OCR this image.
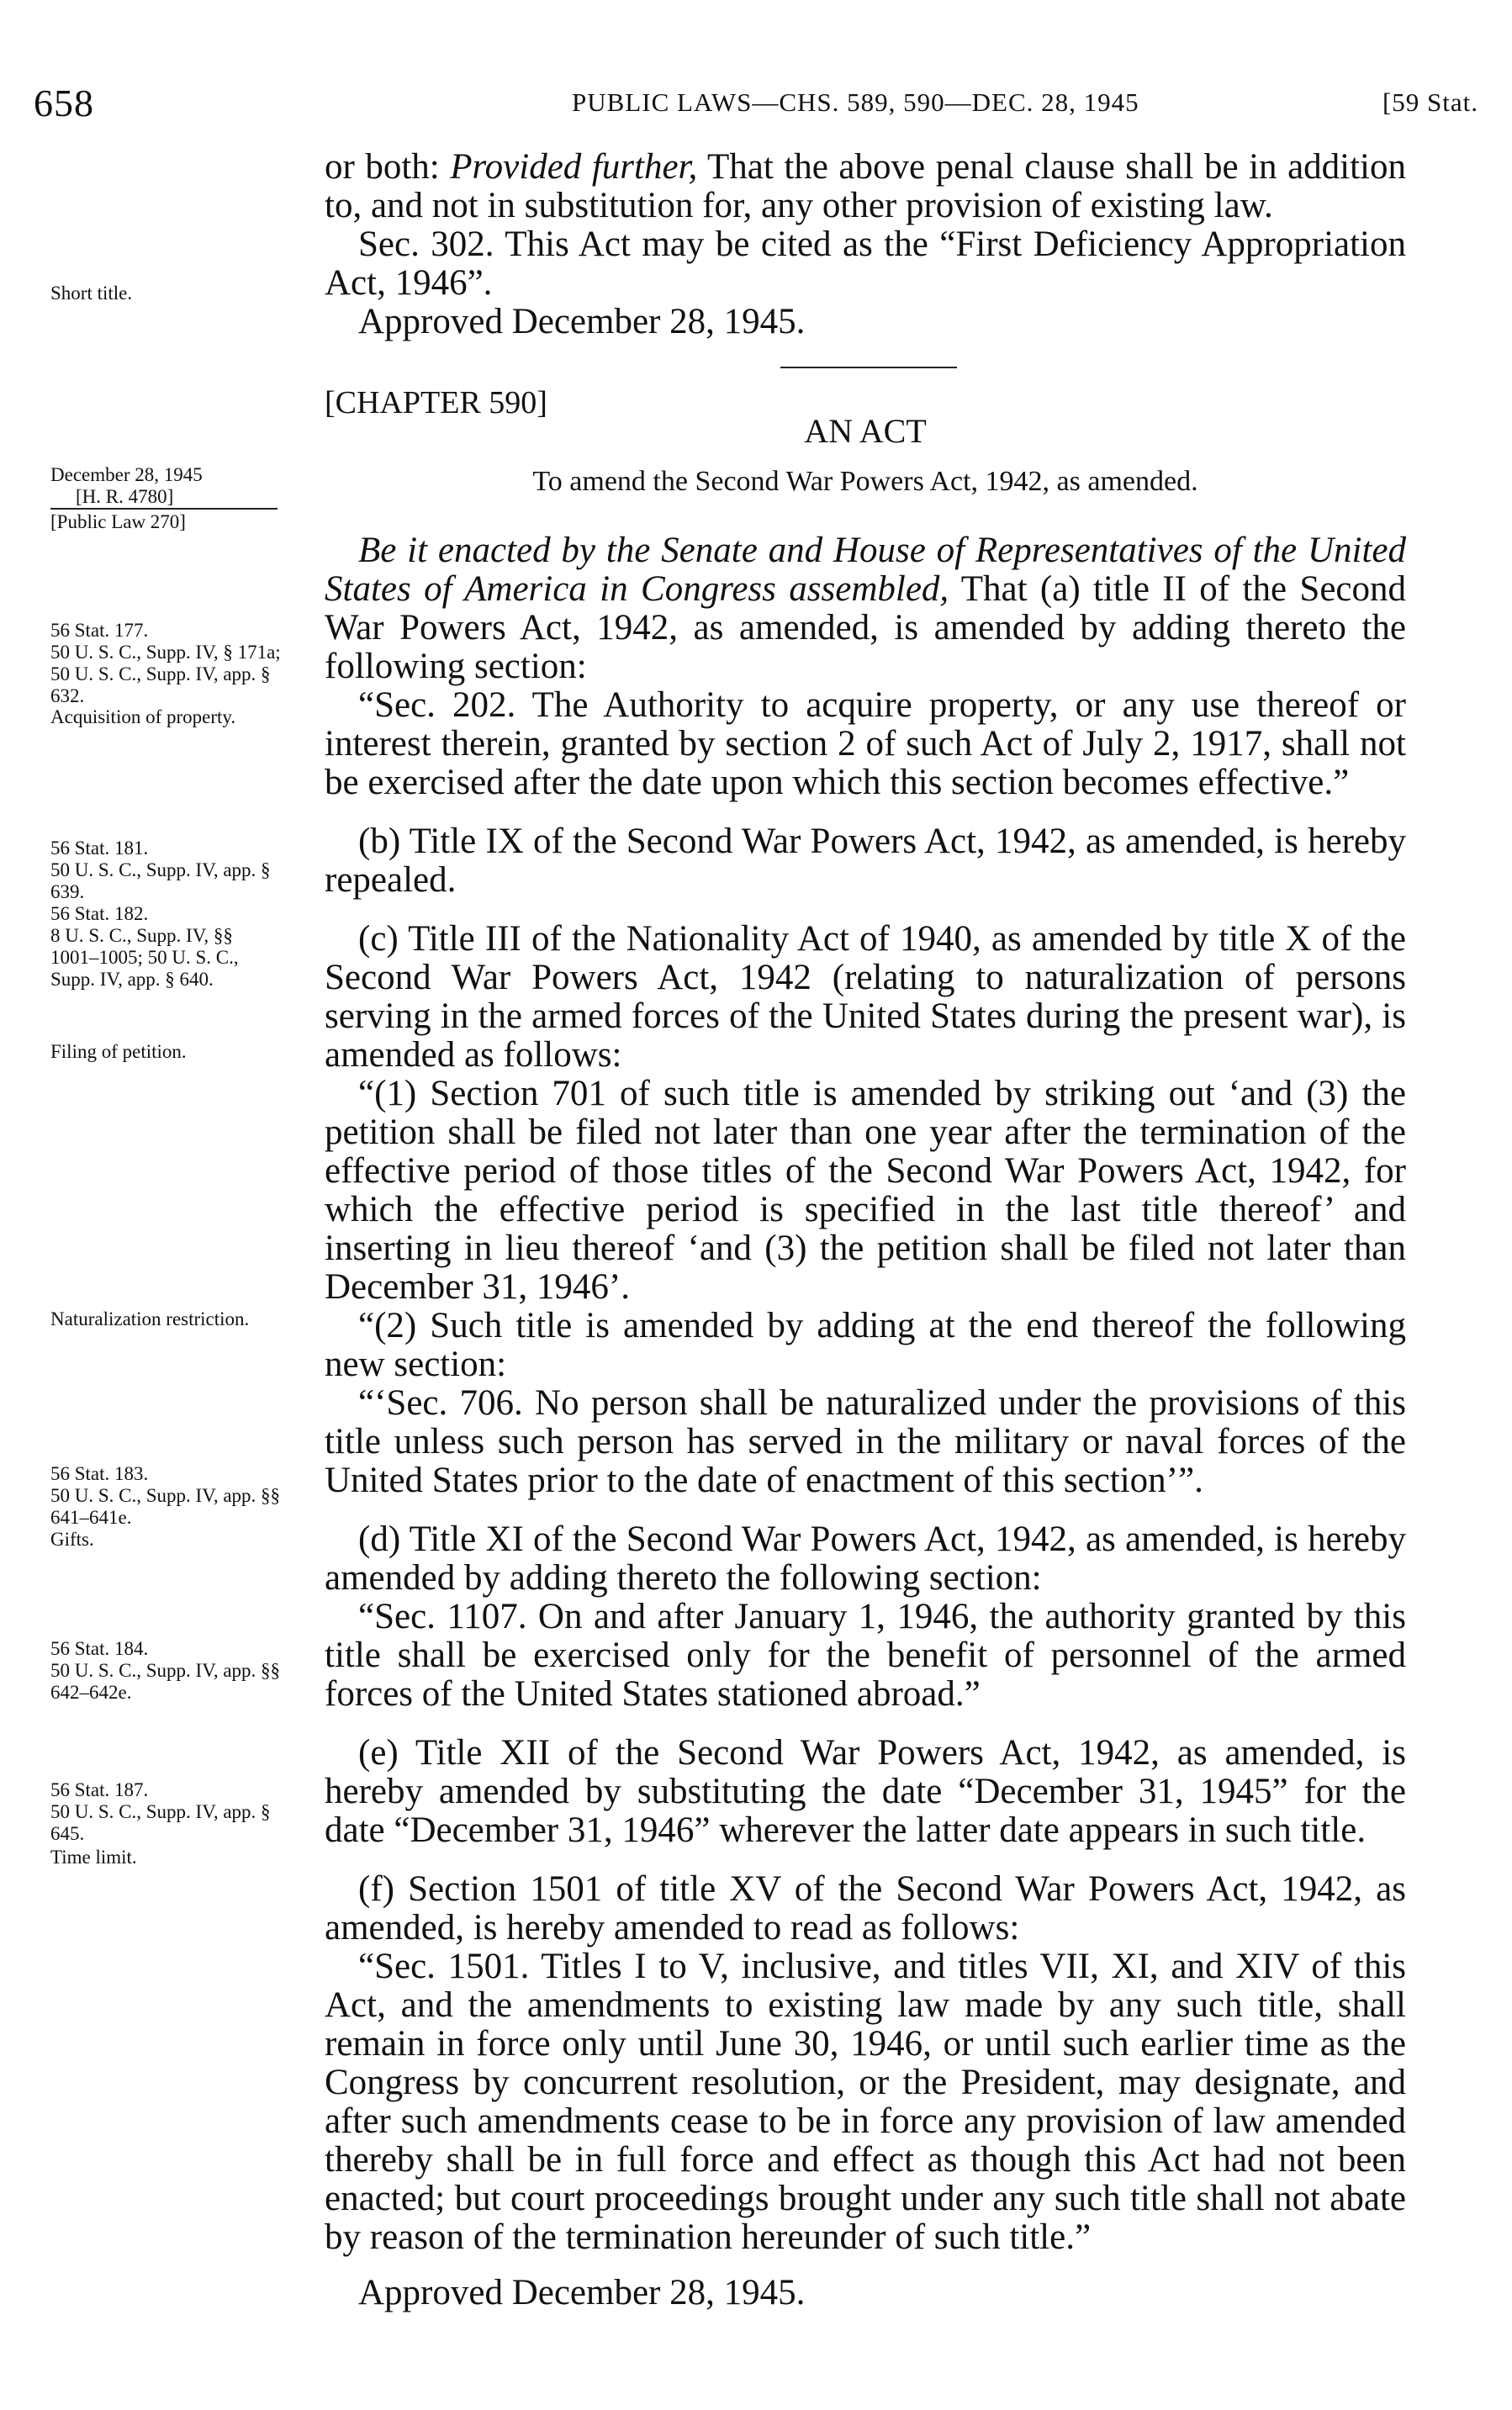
658	PUBLIC LAWS—CHS. 589, 590—DEC. 28, 1945	[59 Stat.
Short title.
December 28, 1945
[H. R. 4780]
[Public Law 270]
56 Stat. 177.
50 U. S. C., Supp. IV, § 171a; 50 U. S. C., Supp. IV, app. § 632.
Acquisition of property.
56 Stat. 181.
50 U. S. C., Supp. IV, app. § 639.
56 Stat. 182.
8 U. S. C., Supp. IV, §§ 1001–1005; 50 U. S. C., Supp. IV, app. § 640.
Filing of petition.
Naturalization restriction.
56 Stat. 183.
50 U. S. C., Supp. IV, app. §§ 641–641e.
Gifts.
56 Stat. 184.
50 U. S. C., Supp. IV, app. §§ 642–642e.
56 Stat. 187.
50 U. S. C., Supp. IV, app. § 645.
Time limit.

or both: Provided further, That the above penal clause shall be in addition to, and not in substitution for, any other provision of existing law.

Sec. 302. This Act may be cited as the “First Deficiency Appropriation Act, 1946”.

Approved December 28, 1945.

[CHAPTER 590]
AN ACT

To amend the Second War Powers Act, 1942, as amended.

Be it enacted by the Senate and House of Representatives of the United States of America in Congress assembled, That (a) title II of the Second War Powers Act, 1942, as amended, is amended by adding thereto the following section:

“Sec. 202. The Authority to acquire property, or any use thereof or interest therein, granted by section 2 of such Act of July 2, 1917, shall not be exercised after the date upon which this section becomes effective.”

(b) Title IX of the Second War Powers Act, 1942, as amended, is hereby repealed.

(c) Title III of the Nationality Act of 1940, as amended by title X of the Second War Powers Act, 1942 (relating to naturalization of persons serving in the armed forces of the United States during the present war), is amended as follows:

“(1) Section 701 of such title is amended by striking out ‘and (3) the petition shall be filed not later than one year after the termination of the effective period of those titles of the Second War Powers Act, 1942, for which the effective period is specified in the last title thereof’ and inserting in lieu thereof ‘and (3) the petition shall be filed not later than December 31, 1946’.

“(2) Such title is amended by adding at the end thereof the following new section:

“‘Sec. 706. No person shall be naturalized under the provisions of this title unless such person has served in the military or naval forces of the United States prior to the date of enactment of this section’”.

(d) Title XI of the Second War Powers Act, 1942, as amended, is hereby amended by adding thereto the following section:

“Sec. 1107. On and after January 1, 1946, the authority granted by this title shall be exercised only for the benefit of personnel of the armed forces of the United States stationed abroad.”

(e) Title XII of the Second War Powers Act, 1942, as amended, is hereby amended by substituting the date “December 31, 1945” for the date “December 31, 1946” wherever the latter date appears in such title.

(f) Section 1501 of title XV of the Second War Powers Act, 1942, as amended, is hereby amended to read as follows:

“Sec. 1501. Titles I to V, inclusive, and titles VII, XI, and XIV of this Act, and the amendments to existing law made by any such title, shall remain in force only until June 30, 1946, or until such earlier time as the Congress by concurrent resolution, or the President, may designate, and after such amendments cease to be in force any provision of law amended thereby shall be in full force and effect as though this Act had not been enacted; but court proceedings brought under any such title shall not abate by reason of the termination hereunder of such title.”

Approved December 28, 1945.
